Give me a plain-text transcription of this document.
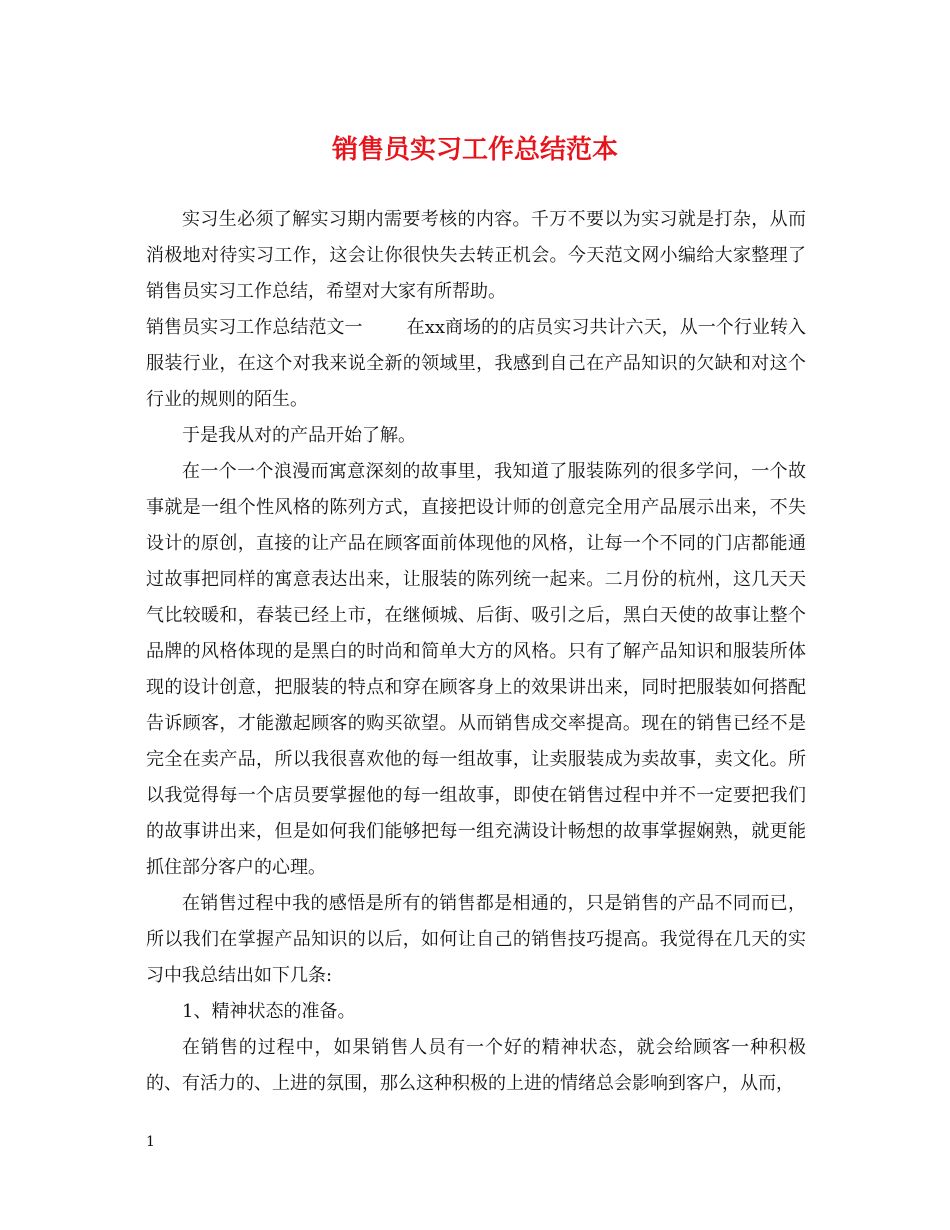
销售员实习工作总结范本

实习生必须了解实习期内需要考核的内容。千万不要以为实习就是打杂，从而消极地对待实习工作，这会让你很快失去转正机会。今天范文网小编给大家整理了销售员实习工作总结，希望对大家有所帮助。

销售员实习工作总结范文一 在xx商场的的店员实习共计六天，从一个行业转入服装行业，在这个对我来说全新的领域里，我感到自己在产品知识的欠缺和对这个行业的规则的陌生。

于是我从对的产品开始了解。

在一个一个浪漫而寓意深刻的故事里，我知道了服装陈列的很多学问，一个故事就是一组个性风格的陈列方式，直接把设计师的创意完全用产品展示出来，不失设计的原创，直接的让产品在顾客面前体现他的风格，让每一个不同的门店都能通过故事把同样的寓意表达出来，让服装的陈列统一起来。二月份的杭州，这几天天气比较暖和，春装已经上市，在继倾城、后街、吸引之后，黑白天使的故事让整个品牌的风格体现的是黑白的时尚和简单大方的风格。只有了解产品知识和服装所体现的设计创意，把服装的特点和穿在顾客身上的效果讲出来，同时把服装如何搭配告诉顾客，才能激起顾客的购买欲望。从而销售成交率提高。现在的销售已经不是完全在卖产品，所以我很喜欢他的每一组故事，让卖服装成为卖故事，卖文化。所以我觉得每一个店员要掌握他的每一组故事，即使在销售过程中并不一定要把我们的故事讲出来，但是如何我们能够把每一组充满设计畅想的故事掌握娴熟，就更能抓住部分客户的心理。

在销售过程中我的感悟是所有的销售都是相通的，只是销售的产品不同而已，所以我们在掌握产品知识的以后，如何让自己的销售技巧提高。我觉得在几天的实习中我总结出如下几条:

1、精神状态的准备。

在销售的过程中，如果销售人员有一个好的精神状态，就会给顾客一种积极的、有活力的、上进的氛围，那么这种积极的上进的情绪总会影响到客户，从而，

1
